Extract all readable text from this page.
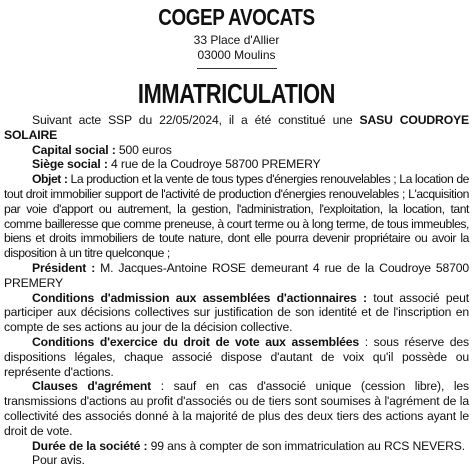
COGEP AVOCATS
33 Place d'Allier
03000 Moulins
IMMATRICULATION

Suivant acte SSP du 22/05/2024, il a été constitué une SASU COUDROYE SOLAIRE

Capital social : 500 euros

Siège social : 4 rue de la Coudroye 58700 PREMERY

Objet : La production et la vente de tous types d'énergies renouvelables ; La location de tout droit immobilier support de l'activité de production d'énergies renouvelables ; L'acquisition par voie d'apport ou autrement, la gestion, l'administration, l'exploitation, la location, tant comme bailleresse que comme preneuse, à court terme ou à long terme, de tous immeubles, biens et droits immobiliers de toute nature, dont elle pourra devenir propriétaire ou avoir la disposition à un titre quelconque ;

Président : M. Jacques-Antoine ROSE demeurant 4 rue de la Coudroye 58700 PREMERY

Conditions d'admission aux assemblées d'actionnaires : tout associé peut participer aux décisions collectives sur justification de son identité et de l'inscription en compte de ses actions au jour de la décision collective.

Conditions d'exercice du droit de vote aux assemblées : sous réserve des dispositions légales, chaque associé dispose d'autant de voix qu'il possède ou représente d'actions.

Clauses d'agrément : sauf en cas d'associé unique (cession libre), les transmissions d'actions au profit d'associés ou de tiers sont soumises à l'agrément de la collectivité des associés donné à la majorité de plus des deux tiers des actions ayant le droit de vote.

Durée de la société : 99 ans à compter de son immatriculation au RCS NEVERS.

Pour avis.
